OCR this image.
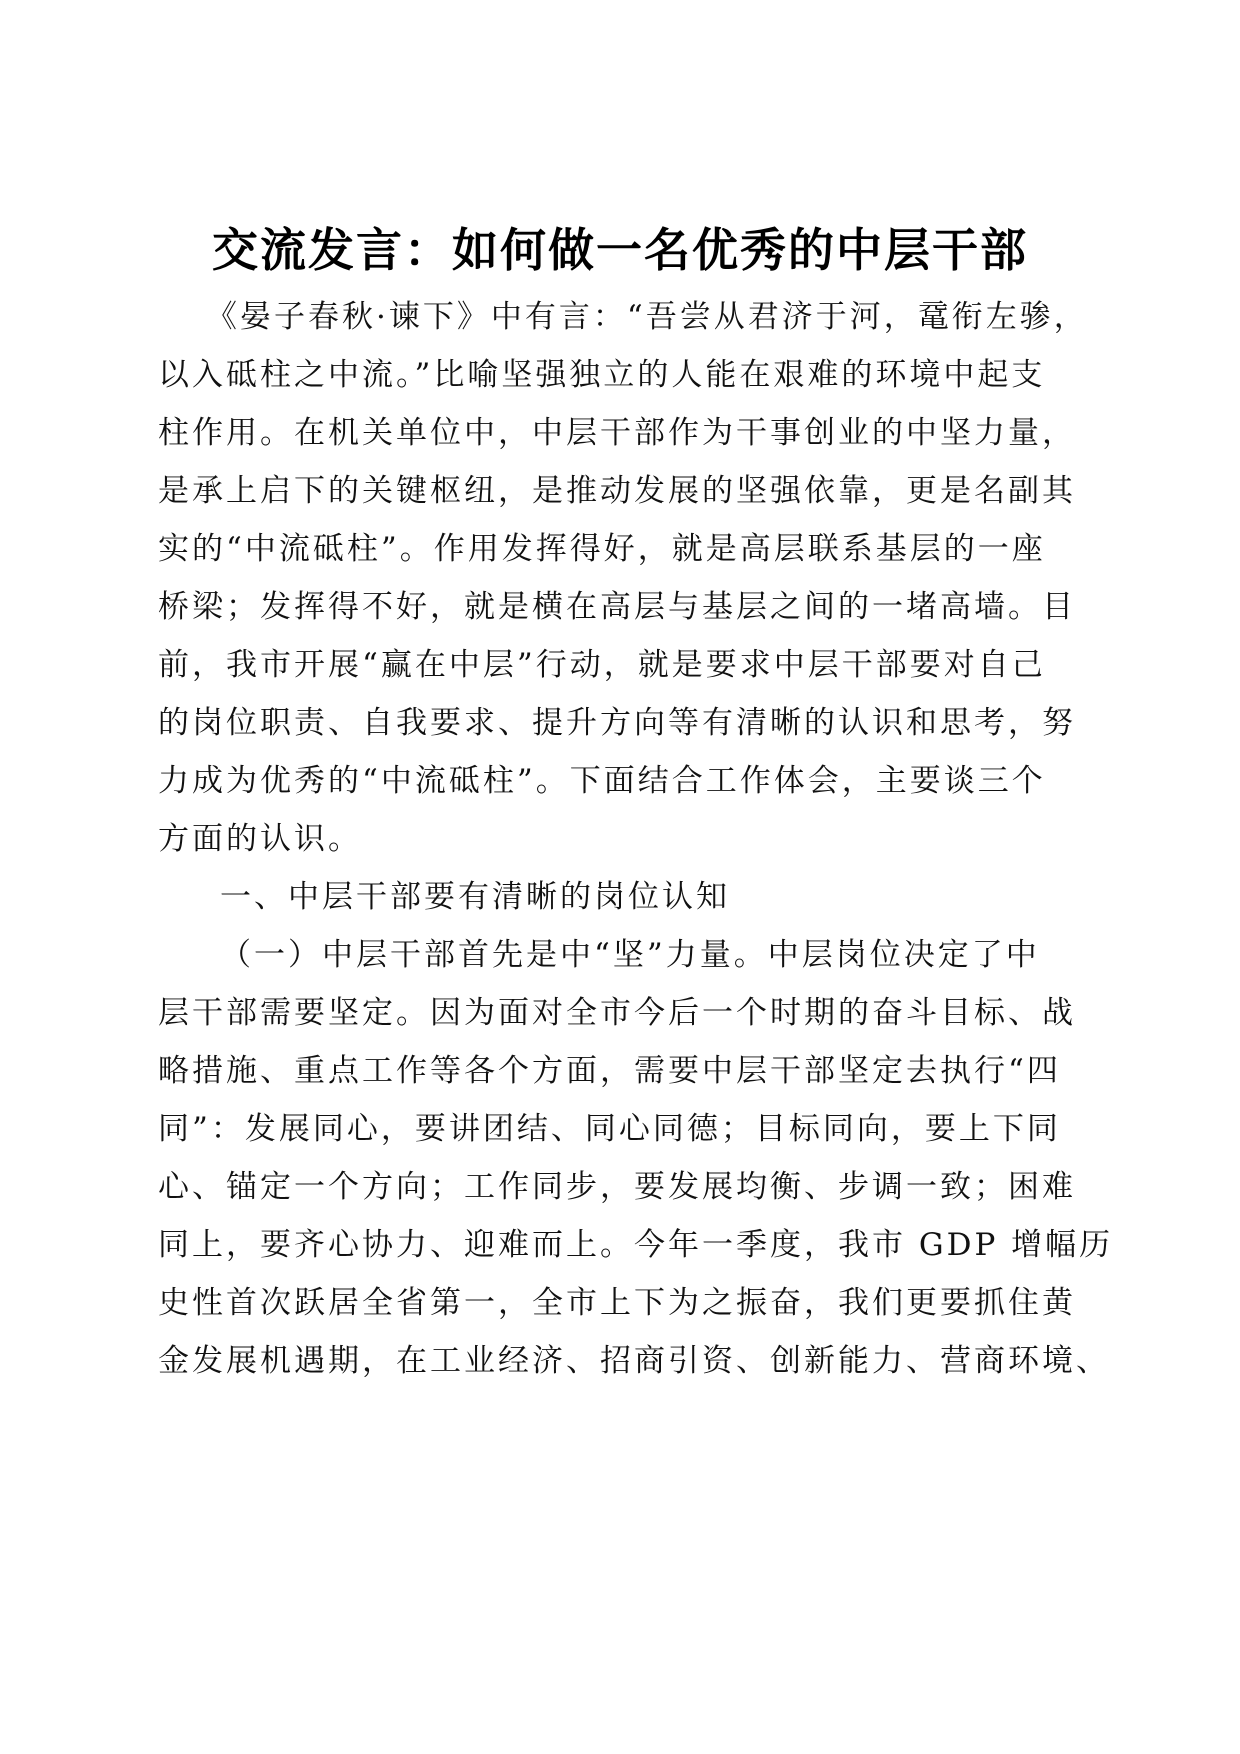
交流发言：如何做一名优秀的中层干部
《晏子春秋·谏下》中有言：“吾尝从君济于河，鼋衔左骖，
以入砥柱之中流。”比喻坚强独立的人能在艰难的环境中起支
柱作用。在机关单位中，中层干部作为干事创业的中坚力量，
是承上启下的关键枢纽，是推动发展的坚强依靠，更是名副其
实的“中流砥柱”。作用发挥得好，就是高层联系基层的一座
桥梁；发挥得不好，就是横在高层与基层之间的一堵高墙。目
前，我市开展“赢在中层”行动，就是要求中层干部要对自己
的岗位职责、自我要求、提升方向等有清晰的认识和思考，努
力成为优秀的“中流砥柱”。下面结合工作体会，主要谈三个
方面的认识。
一、中层干部要有清晰的岗位认知
（一）中层干部首先是中“坚”力量。中层岗位决定了中
层干部需要坚定。因为面对全市今后一个时期的奋斗目标、战
略措施、重点工作等各个方面，需要中层干部坚定去执行“四
同”：发展同心，要讲团结、同心同德；目标同向，要上下同
心、锚定一个方向；工作同步，要发展均衡、步调一致；困难
同上，要齐心协力、迎难而上。今年一季度，我市 GDP 增幅历
史性首次跃居全省第一，全市上下为之振奋，我们更要抓住黄
金发展机遇期，在工业经济、招商引资、创新能力、营商环境、
